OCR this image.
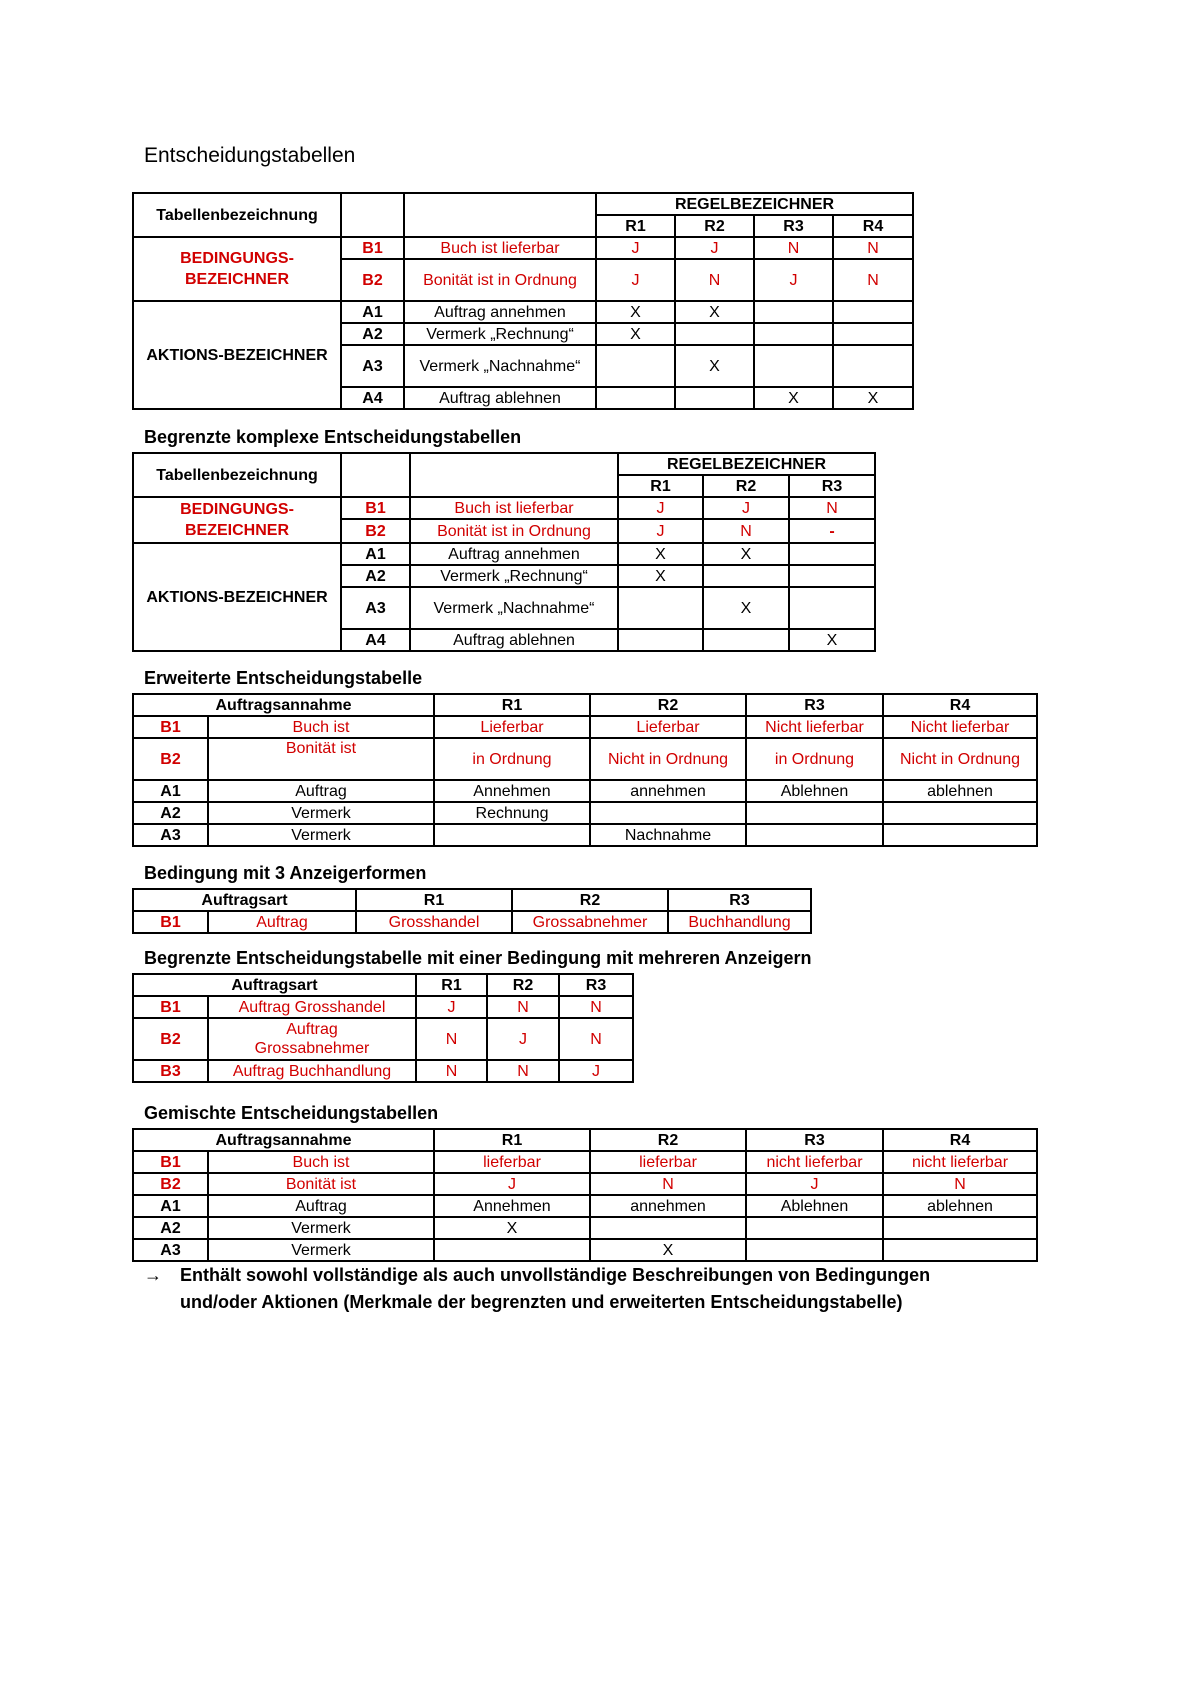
Entscheidungstabellen
Tabellenbezeichnung			REGELBEZEICHNER			
			R1	R2	R3	R4
BEDINGUNGS-BEZEICHNER	B1	Buch ist lieferbar	J	J	N	N
	B2	Bonität ist in Ordnung	J	N	J	N
AKTIONS-BEZEICHNER	A1	Auftrag annehmen	X	X		
	A2	Vermerk „Rechnung“	X			
	A3	Vermerk „Nachnahme“		X		
	A4	Auftrag ablehnen			X	X
Begrenzte komplexe Entscheidungstabellen
Tabellenbezeichnung			REGELBEZEICHNER		
			R1	R2	R3
BEDINGUNGS-BEZEICHNER	B1	Buch ist lieferbar	J	J	N
	B2	Bonität ist in Ordnung	J	N	-
AKTIONS-BEZEICHNER	A1	Auftrag annehmen	X	X	
	A2	Vermerk „Rechnung“	X		
	A3	Vermerk „Nachnahme“		X	
	A4	Auftrag ablehnen			X
Erweiterte Entscheidungstabelle
Auftragsannahme		R1	R2	R3	R4
B1	Buch ist	Lieferbar	Lieferbar	Nicht lieferbar	Nicht lieferbar
B2	Bonität ist	in Ordnung	Nicht in Ordnung	in Ordnung	Nicht in Ordnung
A1	Auftrag	Annehmen	annehmen	Ablehnen	ablehnen
A2	Vermerk	Rechnung			
A3	Vermerk		Nachnahme		
Bedingung mit 3 Anzeigerformen
Auftragsart		R1	R2	R3
B1	Auftrag	Grosshandel	Grossabnehmer	Buchhandlung
Begrenzte Entscheidungstabelle mit einer Bedingung mit mehreren Anzeigern
Auftragsart		R1	R2	R3
B1	Auftrag Grosshandel	J	N	N
B2	Auftrag Grossabnehmer	N	J	N
B3	Auftrag Buchhandlung	N	N	J
Gemischte Entscheidungstabellen
Auftragsannahme		R1	R2	R3	R4
B1	Buch ist	lieferbar	lieferbar	nicht lieferbar	nicht lieferbar
B2	Bonität ist	J	N	J	N
A1	Auftrag	Annehmen	annehmen	Ablehnen	ablehnen
A2	Vermerk	X			
A3	Vermerk		X		
→ Enthält sowohl vollständige als auch unvollständige Beschreibungen von Bedingungen
und/oder Aktionen (Merkmale der begrenzten und erweiterten Entscheidungstabelle)
